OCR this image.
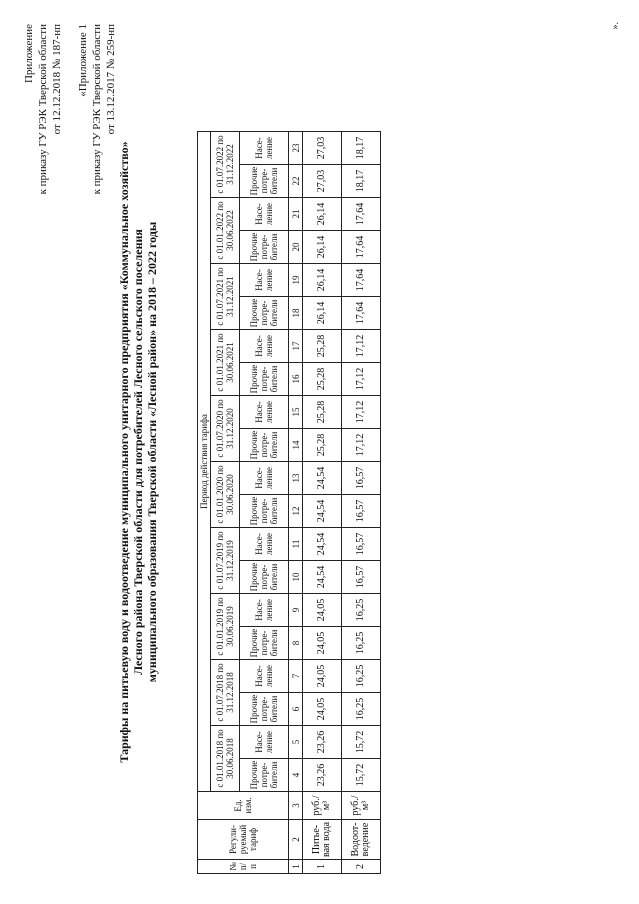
Приложение к приказу ГУ РЭК Тверской области от 12.12.2018 № 187-нп «Приложение 1 к приказу ГУ РЭК Тверской области от 13.12.2017 № 259-нп
Тарифы на питьевую воду и водоотведение муниципального унитарного предприятия «Коммунальное хозяйство» Лесного района Тверской области для потребителей Лесного сельского поселения муниципального образования Тверской области «Лесной район» на 2018 – 2022 годы
№ п/ п	Регули-руемый тариф	Ед. изм.	Период действия тарифа																			
			с 01.01.2018 по 30.06.2018		с 01.07.2018 по 31.12.2018		с 01.01.2019 по 30.06.2019		с 01.07.2019 по 31.12.2019		с 01.01.2020 по 30.06.2020		с 01.07.2020 по 31.12.2020		с 01.01.2021 по 30.06.2021		с 01.07.2021 по 31.12.2021		с 01.01.2022 по 30.06.2022		с 01.07.2022 по 31.12.2022	
			Прочие потре-бители	Насе-ление	Прочие потре-бители	Насе-ление	Прочие потре-бители	Насе-ление	Прочие потре-бители	Насе-ление	Прочие потре-бители	Насе-ление	Прочие потре-бители	Насе-ление	Прочие потре-бители	Насе-ление	Прочие потре-бители	Насе-ление	Прочие потре-бители	Насе-ление	Прочие потре-бители	Насе-ление
1	2	3	4	5	6	7	8	9	10	11	12	13	14	15	16	17	18	19	20	21	22	23
1	Питье-вая вода	руб./м³	23,26	23,26	24,05	24,05	24,05	24,05	24,54	24,54	24,54	24,54	25,28	25,28	25,28	25,28	26,14	26,14	26,14	26,14	27,03	27,03
2	Водоот-ведение	руб./м³	15,72	15,72	16,25	16,25	16,25	16,25	16,57	16,57	16,57	16,57	17,12	17,12	17,12	17,12	17,64	17,64	17,64	17,64	18,17	18,17
».
